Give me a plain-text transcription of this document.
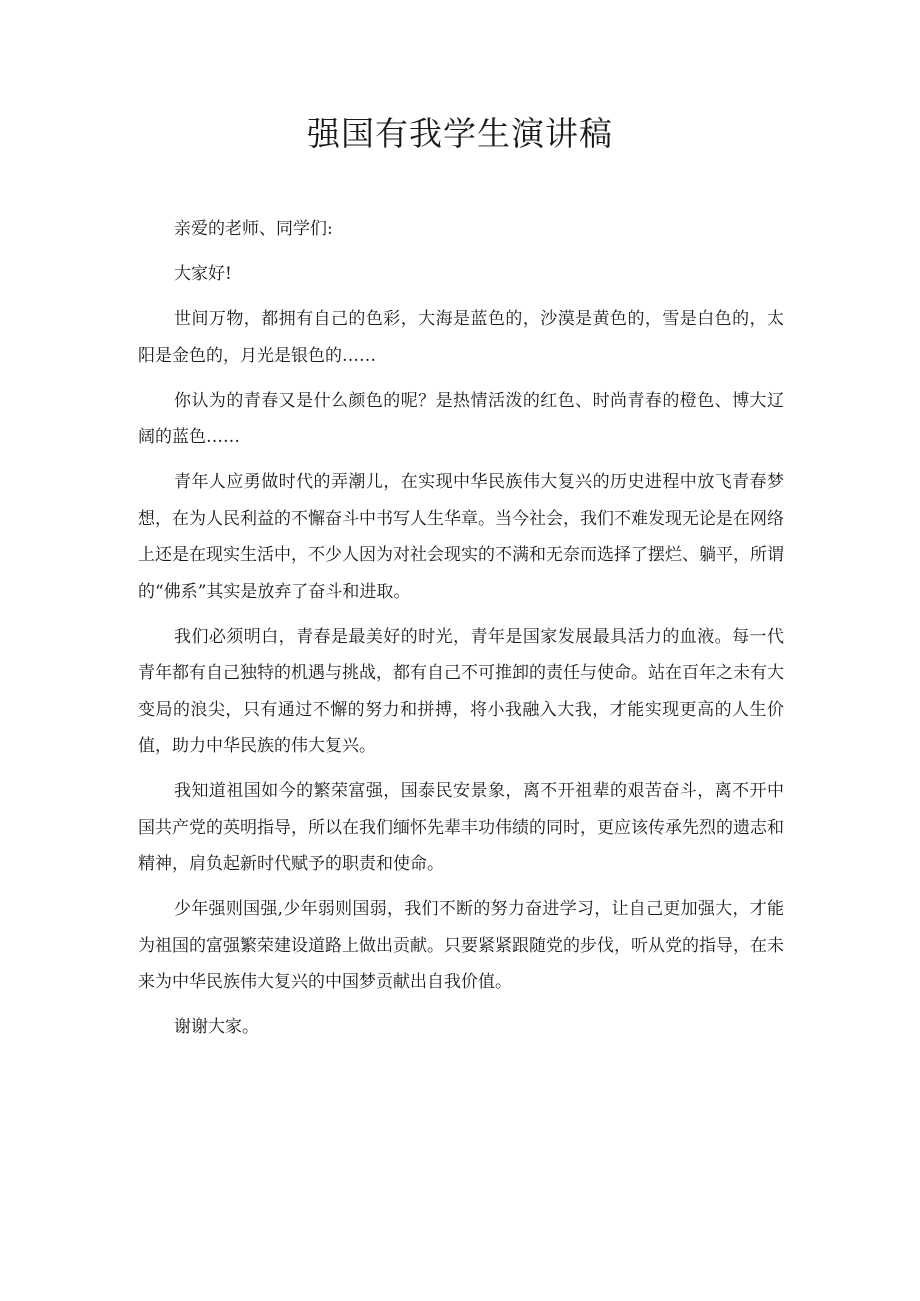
强国有我学生演讲稿

亲爱的老师、同学们:

大家好!

世间万物，都拥有自己的色彩，大海是蓝色的，沙漠是黄色的，雪是白色的，太阳是金色的，月光是银色的……

你认为的青春又是什么颜色的呢？是热情活泼的红色、时尚青春的橙色、博大辽阔的蓝色……

青年人应勇做时代的弄潮儿，在实现中华民族伟大复兴的历史进程中放飞青春梦想，在为人民利益的不懈奋斗中书写人生华章。当今社会，我们不难发现无论是在网络上还是在现实生活中，不少人因为对社会现实的不满和无奈而选择了摆烂、躺平，所谓的“佛系”其实是放弃了奋斗和进取。

我们必须明白，青春是最美好的时光，青年是国家发展最具活力的血液。每一代青年都有自己独特的机遇与挑战，都有自己不可推卸的责任与使命。站在百年之未有大变局的浪尖，只有通过不懈的努力和拼搏，将小我融入大我，才能实现更高的人生价值，助力中华民族的伟大复兴。

我知道祖国如今的繁荣富强，国泰民安景象，离不开祖辈的艰苦奋斗，离不开中国共产党的英明指导，所以在我们缅怀先辈丰功伟绩的同时，更应该传承先烈的遗志和精神，肩负起新时代赋予的职责和使命。

少年强则国强,少年弱则国弱，我们不断的努力奋进学习，让自己更加强大，才能为祖国的富强繁荣建设道路上做出贡献。只要紧紧跟随党的步伐，听从党的指导，在未来为中华民族伟大复兴的中国梦贡献出自我价值。

谢谢大家。
